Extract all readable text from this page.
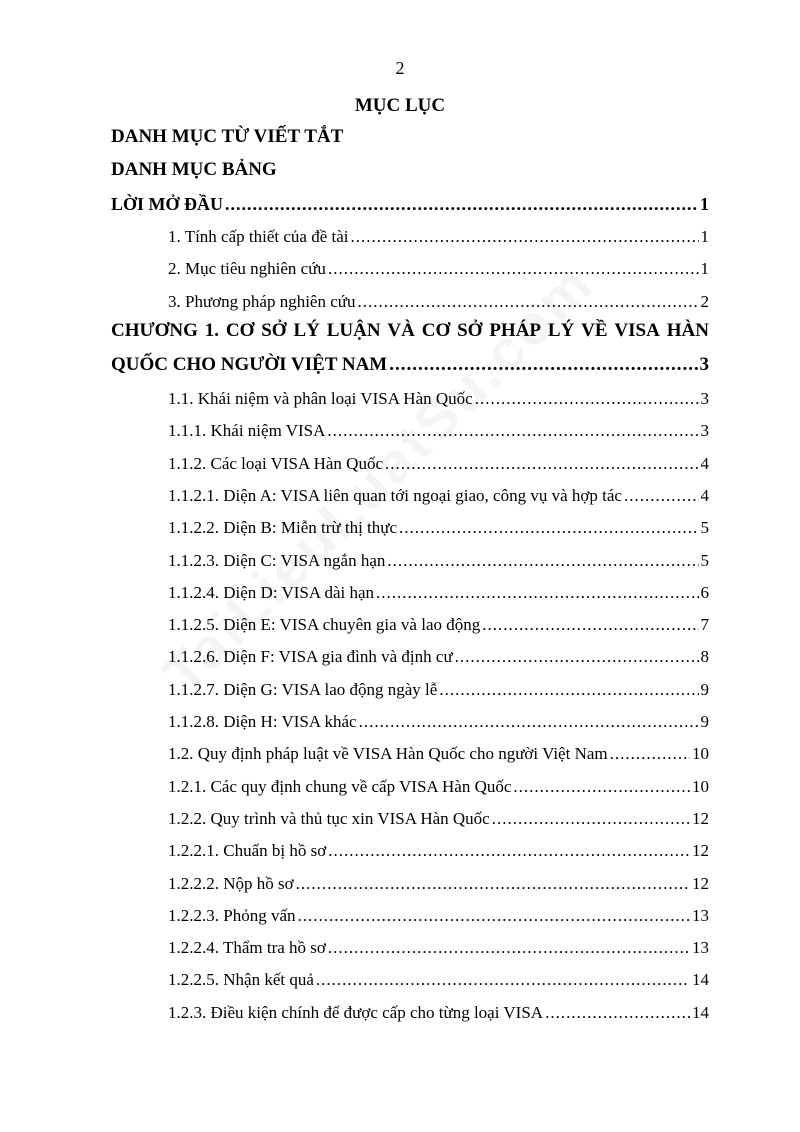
2
MỤC LỤC
DANH MỤC TỪ VIẾT TẮT
DANH MỤC BẢNG
LỜI MỞ ĐẦU .....	1
1. Tính cấp thiết của đề tài .....	1
2. Mục tiêu nghiên cứu .....	1
3. Phương pháp nghiên cứu .....	2
CHƯƠNG 1. CƠ SỞ LÝ LUẬN VÀ CƠ SỞ PHÁP LÝ VỀ VISA HÀN
QUỐC CHO NGƯỜI VIỆT NAM .....	3
1.1. Khái niệm và phân loại VISA Hàn Quốc .....	3
1.1.1. Khái niệm VISA .....	3
1.1.2. Các loại VISA Hàn Quốc .....	4
1.1.2.1. Diện A: VISA liên quan tới ngoại giao, công vụ và hợp tác .....	4
1.1.2.2. Diện B: Miễn trừ thị thực .....	5
1.1.2.3. Diện C: VISA ngắn hạn .....	5
1.1.2.4. Diện D: VISA dài hạn .....	6
1.1.2.5. Diện E: VISA chuyên gia và lao động .....	7
1.1.2.6. Diện F: VISA gia đình và định cư .....	8
1.1.2.7. Diện G: VISA lao động ngày lễ .....	9
1.1.2.8. Diện H: VISA khác .....	9
1.2. Quy định pháp luật về VISA Hàn Quốc cho người Việt Nam .....	10
1.2.1. Các quy định chung về cấp VISA Hàn Quốc .....	10
1.2.2. Quy trình và thủ tục xin VISA Hàn Quốc .....	12
1.2.2.1. Chuẩn bị hồ sơ .....	12
1.2.2.2. Nộp hồ sơ .....	12
1.2.2.3. Phỏng vấn .....	13
1.2.2.4. Thẩm tra hồ sơ .....	13
1.2.2.5. Nhận kết quả .....	14
1.2.3. Điều kiện chính để được cấp cho từng loại VISA .....	14
